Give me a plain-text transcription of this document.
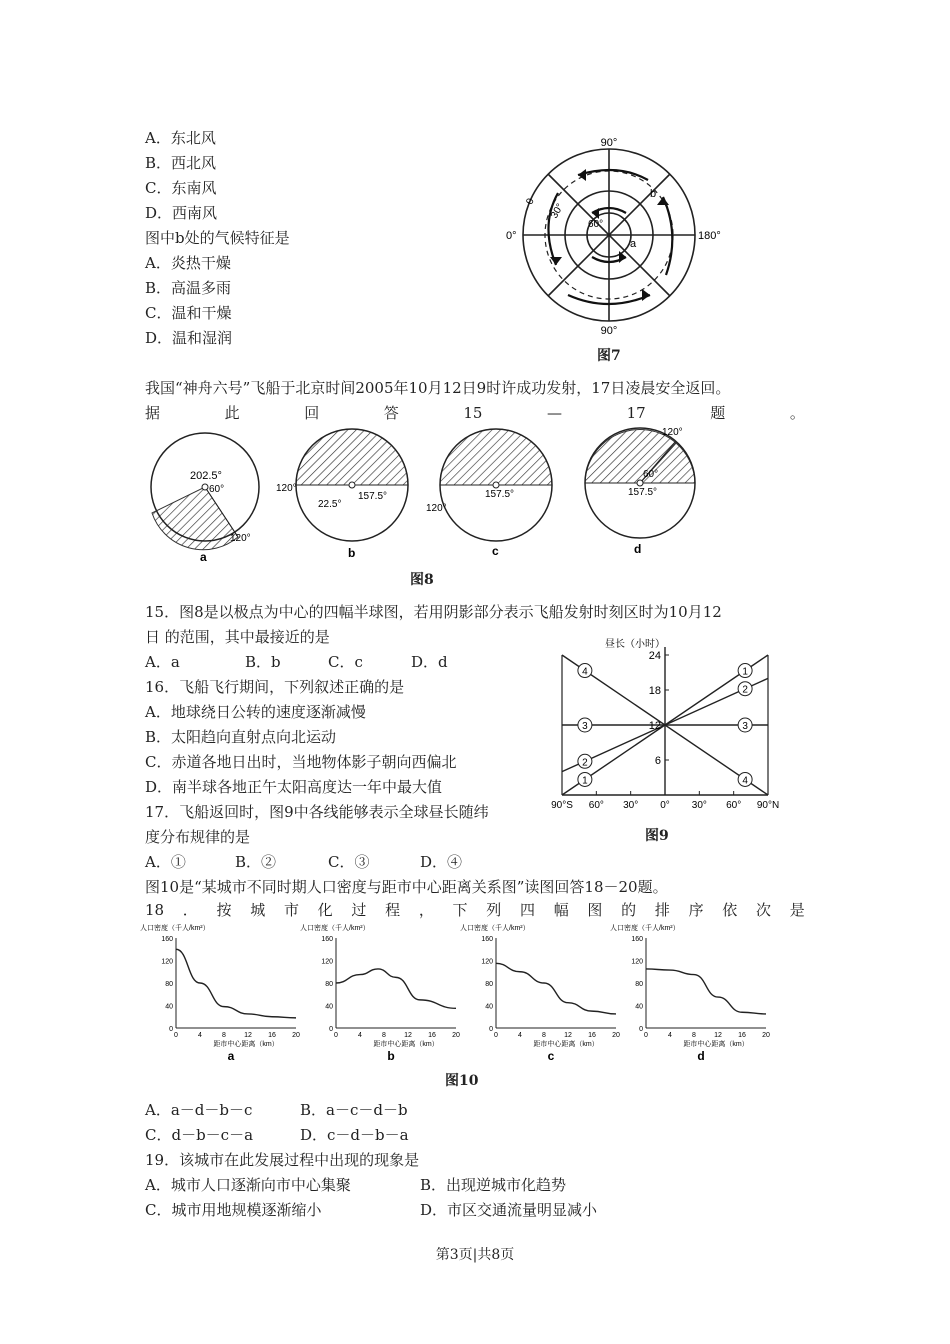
A．东北风
B．西北风
C．东南风
D．西南风
图中b处的气候特征是
A．炎热干燥
B．高温多雨
C．温和干燥
D．温和湿润
90°
0°	180°
90°
60°
30°
0
b
a
图7
我国“神舟六号”飞船于北京时间2005年10月12日9时许成功发射，17日凌晨安全返回。
据	此	回	答	15	—	17	题	。
202.5°
60°
120°
a
120°
157.5°
22.5°
b
157.5°
120°
c
120°
60°
157.5°
d
图8
15．图8是以极点为中心的四幅半球图，若用阴影部分表示飞船发射时刻区时为10月12
日 的范围，其中最接近的是
A．a	B．b	C．c	D．d
16．飞船飞行期间，下列叙述正确的是
A．地球绕日公转的速度逐渐减慢
B．太阳趋向直射点向北运动
C．赤道各地日出时，当地物体影子朝向西偏北
D．南半球各地正午太阳高度达一年中最大值
17．飞船返回时，图9中各线能够表示全球昼长随纬
度分布规律的是
A．①	B．②	C．③	D．④
1
1
2
2
3	3
4
4
昼长（小时）
24
18
12
6
90°S 60° 30° 0° 30° 60° 90°N
图9
图10是“某城市不同时期人口密度与距市中心距离关系图”读图回答18－20题。
18 ． 按 城 市 化 过 程 ， 下 列 四 幅 图 的 排 序 依 次 是
人口密度（千人/km²）
160
120
80
40
0
0	4	8	12 16 20
距市中心距离（km）
a
人口密度（千人/km²）
160
120
80
40
0
0	4	8	12 16 20
距市中心距离（km）
b
人口密度（千人/km²）
160
120
80
40
0
0	4	8	12 16 20
距市中心距离（km）
c
人口密度（千人/km²）
160
120
80
40
0
0	4	8	12 16 20
距市中心距离（km）
d
图10
A．a－d－b－c	B．a－c－d－b
C．d－b－c－a	D．c－d－b－a
19．该城市在此发展过程中出现的现象是
A．城市人口逐渐向市中心集聚	B．出现逆城市化趋势
C．城市用地规模逐渐缩小	D．市区交通流量明显减小
第3页|共8页
